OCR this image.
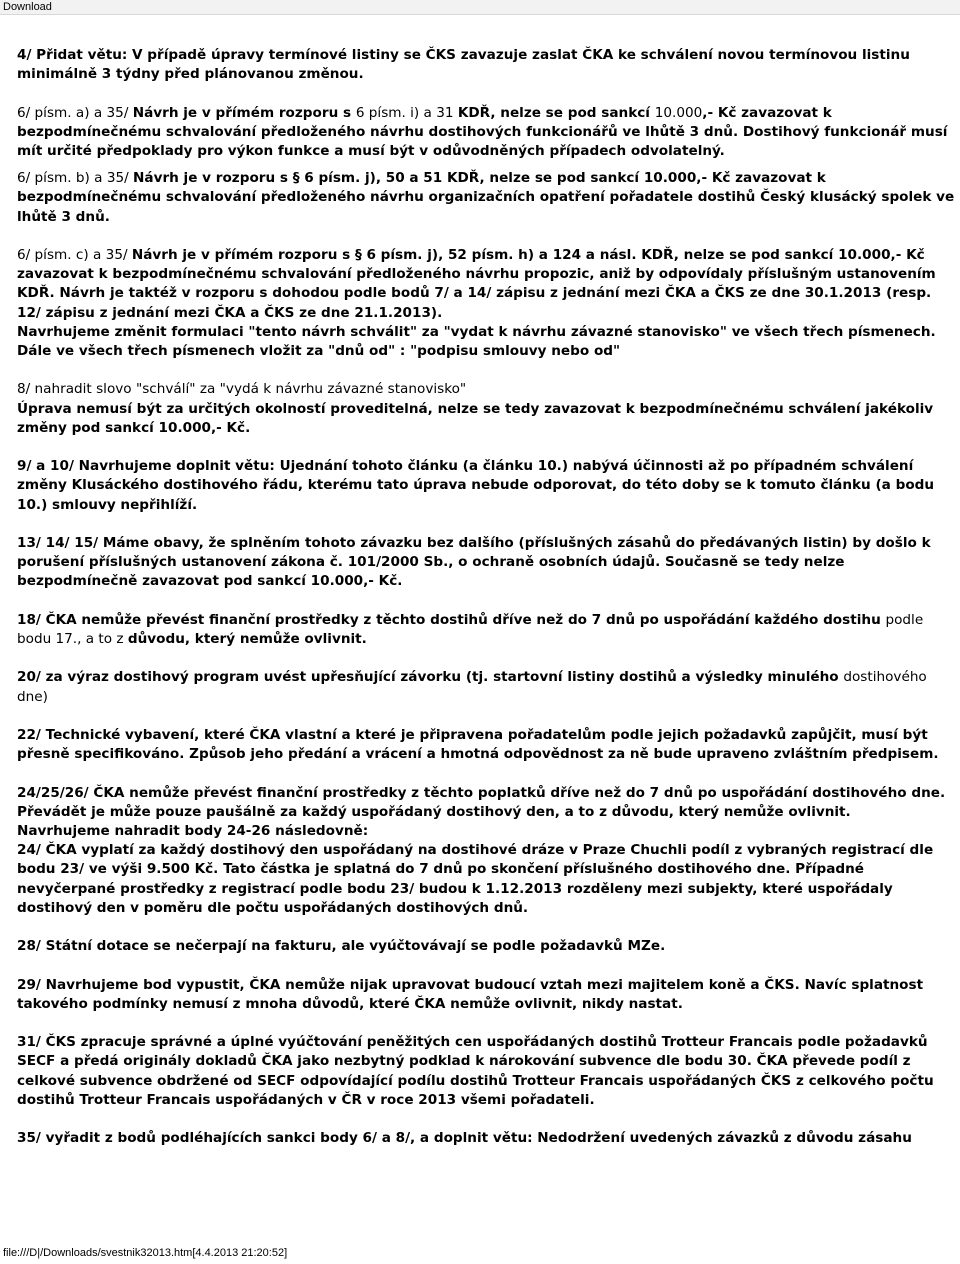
Download

4/ Přidat větu: V případě úpravy termínové listiny se ČKS zavazuje zaslat ČKA ke schválení novou termínovou listinu minimálně 3 týdny před plánovanou změnou.

6/ písm. a) a 35/ Návrh je v přímém rozporu s 6 písm. i) a 31 KDŘ, nelze se pod sankcí 10.000,- Kč zavazovat k bezpodmínečnému schvalování předloženého návrhu dostihových funkcionářů ve lhůtě 3 dnů. Dostihový funkcionář musí mít určité předpoklady pro výkon funkce a musí být v odůvodněných případech odvolatelný.

6/ písm. b) a 35/ Návrh je v rozporu s § 6 písm. j), 50 a 51 KDŘ, nelze se pod sankcí 10.000,- Kč zavazovat k bezpodmínečnému schvalování předloženého návrhu organizačních opatření pořadatele dostihů Český klusácký spolek ve lhůtě 3 dnů.

6/ písm. c) a 35/ Návrh je v přímém rozporu s § 6 písm. j), 52 písm. h) a 124 a násl. KDŘ, nelze se pod sankcí 10.000,- Kč zavazovat k bezpodmínečnému schvalování předloženého návrhu propozic, aniž by odpovídaly příslušným ustanovením KDŘ. Návrh je taktéž v rozporu s dohodou podle bodů 7/ a 14/ zápisu z jednání mezi ČKA a ČKS ze dne 30.1.2013 (resp. 12/ zápisu z jednání mezi ČKA a ČKS ze dne 21.1.2013).

Navrhujeme změnit formulaci "tento návrh schválit" za "vydat k návrhu závazné stanovisko" ve všech třech písmenech. Dále ve všech třech písmenech vložit za "dnů od" : "podpisu smlouvy nebo od"

8/ nahradit slovo "schválí" za "vydá k návrhu závazné stanovisko"

Úprava nemusí být za určitých okolností proveditelná, nelze se tedy zavazovat k bezpodmínečnému schválení jakékoliv změny pod sankcí 10.000,- Kč.

9/ a 10/ Navrhujeme doplnit větu: Ujednání tohoto článku (a článku 10.) nabývá účinnosti až po případném schválení změny Klusáckého dostihového řádu, kterému tato úprava nebude odporovat, do této doby se k tomuto článku (a bodu 10.) smlouvy nepřihlíží.

13/ 14/ 15/ Máme obavy, že splněním tohoto závazku bez dalšího (příslušných zásahů do předávaných listin) by došlo k porušení příslušných ustanovení zákona č. 101/2000 Sb., o ochraně osobních údajů. Současně se tedy nelze bezpodmínečně zavazovat pod sankcí 10.000,- Kč.

18/ ČKA nemůže převést finanční prostředky z těchto dostihů dříve než do 7 dnů po uspořádání každého dostihu podle bodu 17., a to z důvodu, který nemůže ovlivnit.

20/ za výraz dostihový program uvést upřesňující závorku (tj. startovní listiny dostihů a výsledky minulého dostihového dne)

22/ Technické vybavení, které ČKA vlastní a které je připravena pořadatelům podle jejich požadavků zapůjčit, musí být přesně specifikováno. Způsob jeho předání a vrácení a hmotná odpovědnost za ně bude upraveno zvláštním předpisem.

24/25/26/ ČKA nemůže převést finanční prostředky z těchto poplatků dříve než do 7 dnů po uspořádání dostihového dne. Převádět je může pouze paušálně za každý uspořádaný dostihový den, a to z důvodu, který nemůže ovlivnit.

Navrhujeme nahradit body 24-26 následovně:

24/ ČKA vyplatí za každý dostihový den uspořádaný na dostihové dráze v Praze Chuchli podíl z vybraných registrací dle bodu 23/ ve výši 9.500 Kč. Tato částka je splatná do 7 dnů po skončení příslušného dostihového dne. Případné nevyčerpané prostředky z registrací podle bodu 23/ budou k 1.12.2013 rozděleny mezi subjekty, které uspořádaly dostihový den v poměru dle počtu uspořádaných dostihových dnů.

28/ Státní dotace se nečerpají na fakturu, ale vyúčtovávají se podle požadavků MZe.

29/ Navrhujeme bod vypustit, ČKA nemůže nijak upravovat budoucí vztah mezi majitelem koně a ČKS. Navíc splatnost takového podmínky nemusí z mnoha důvodů, které ČKA nemůže ovlivnit, nikdy nastat.

31/ ČKS zpracuje správné a úplné vyúčtování peněžitých cen uspořádaných dostihů Trotteur Francais podle požadavků SECF a předá originály dokladů ČKA jako nezbytný podklad k nárokování subvence dle bodu 30. ČKA převede podíl z celkové subvence obdržené od SECF odpovídající podílu dostihů Trotteur Francais uspořádaných ČKS z celkového počtu dostihů Trotteur Francais uspořádaných v ČR v roce 2013 všemi pořadateli.

35/ vyřadit z bodů podléhajících sankci body 6/ a 8/, a doplnit větu: Nedodržení uvedených závazků z důvodu zásahu

file:///D|/Downloads/svestnik32013.htm[4.4.2013 21:20:52]
